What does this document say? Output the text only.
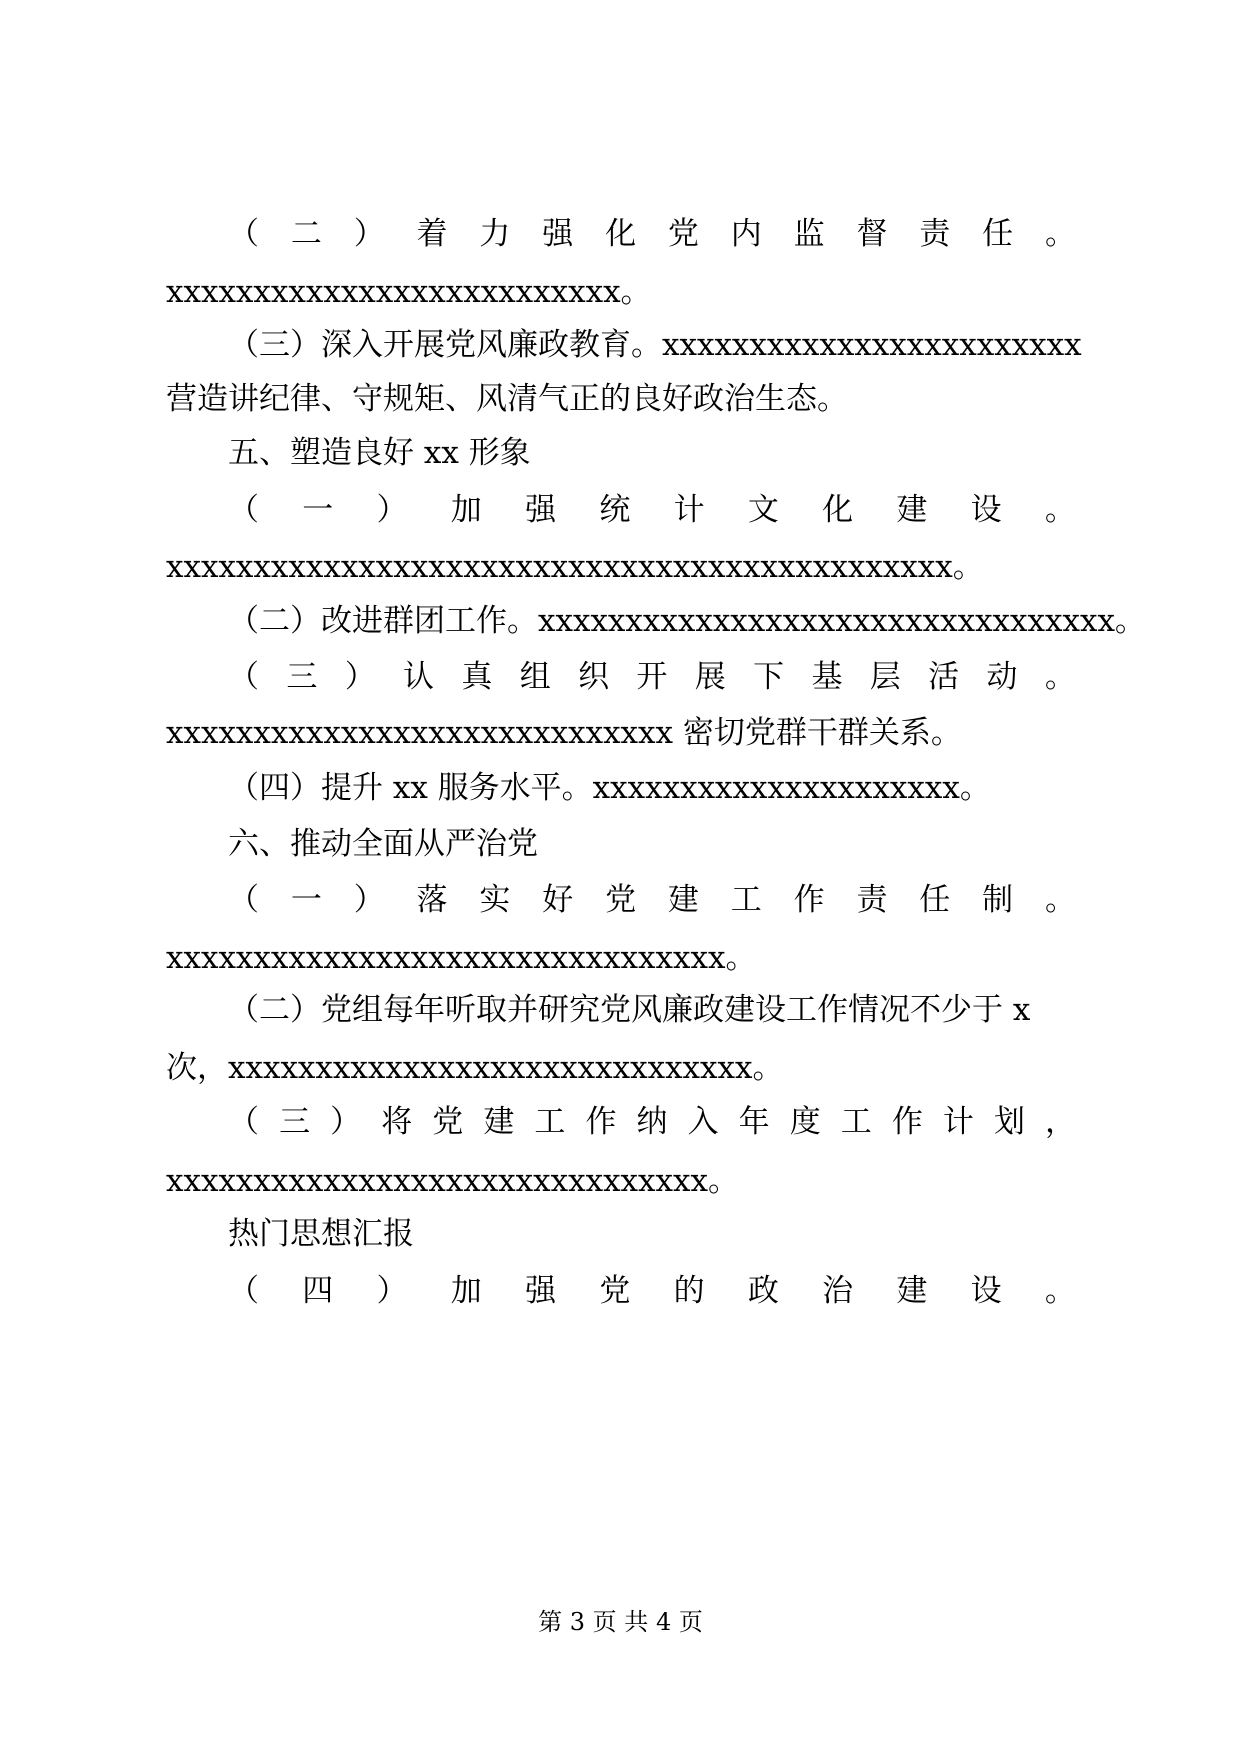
（ 二 ） 着 力 强 化 党 内 监 督 责 任 。
xxxxxxxxxxxxxxxxxxxxxxxxxx。
（三）深入开展党风廉政教育。xxxxxxxxxxxxxxxxxxxxxxxx
营造讲纪律、守规矩、风清气正的良好政治生态。
五、塑造良好 xx 形象
（ 一 ） 加 强 统 计 文 化 建 设 。
xxxxxxxxxxxxxxxxxxxxxxxxxxxxxxxxxxxxxxxxxxxxx。
（二）改进群团工作。xxxxxxxxxxxxxxxxxxxxxxxxxxxxxxxxx。
（ 三 ） 认 真 组 织 开 展 下 基 层 活 动 。
xxxxxxxxxxxxxxxxxxxxxxxxxxxxx 密切党群干群关系。
（四）提升 xx 服务水平。xxxxxxxxxxxxxxxxxxxxx。
六、推动全面从严治党
（ 一 ） 落 实 好 党 建 工 作 责 任 制 。
xxxxxxxxxxxxxxxxxxxxxxxxxxxxxxxx。
（二）党组每年听取并研究党风廉政建设工作情况不少于 x
次，xxxxxxxxxxxxxxxxxxxxxxxxxxxxxx。
（ 三 ） 将 党 建 工 作 纳 入 年 度 工 作 计 划 ，
xxxxxxxxxxxxxxxxxxxxxxxxxxxxxxx。
热门思想汇报
（ 四 ） 加 强 党 的 政 治 建 设 。
第 3 页 共 4 页
